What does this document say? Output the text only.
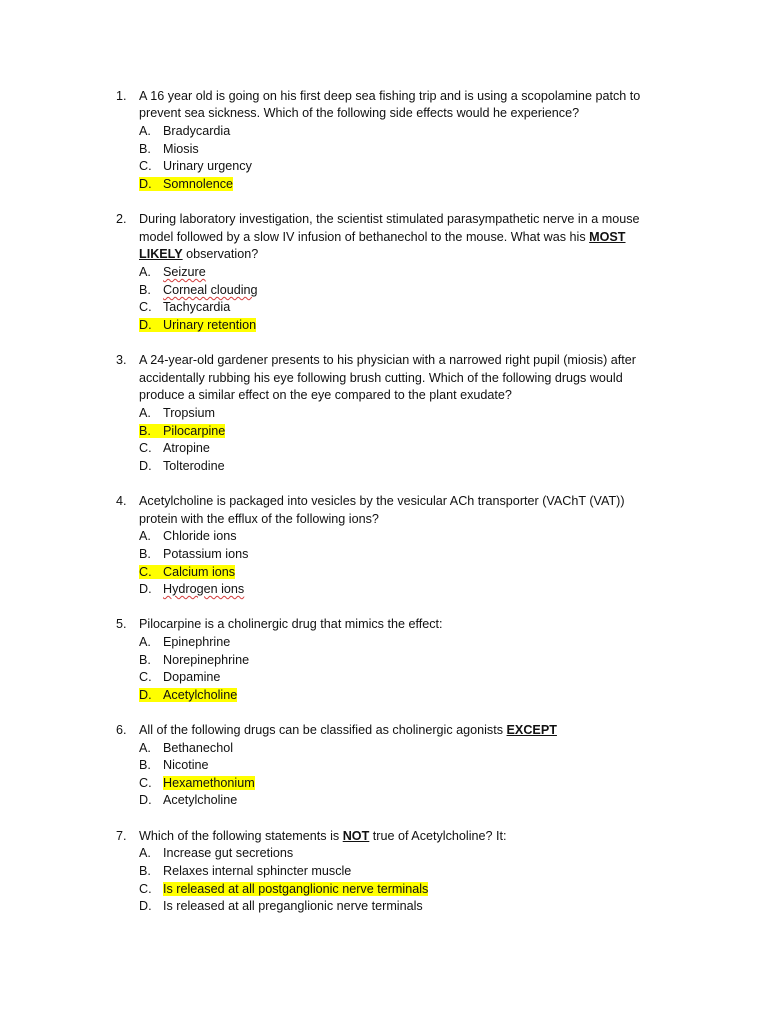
1. A 16 year old is going on his first deep sea fishing trip and is using a scopolamine patch to
prevent sea sickness. Which of the following side effects would he experience?
A. Bradycardia
B. Miosis
C. Urinary urgency
D. Somnolence
2. During laboratory investigation, the scientist stimulated parasympathetic nerve in a mouse
model followed by a slow IV infusion of bethanechol to the mouse. What was his MOST
LIKELY observation?
A. Seizure
B. Corneal clouding
C. Tachycardia
D. Urinary retention
3. A 24-year-old gardener presents to his physician with a narrowed right pupil (miosis) after
accidentally rubbing his eye following brush cutting. Which of the following drugs would
produce a similar effect on the eye compared to the plant exudate?
A. Tropsium
B. Pilocarpine
C. Atropine
D. Tolterodine
4. Acetylcholine is packaged into vesicles by the vesicular ACh transporter (VAChT (VAT))
protein with the efflux of the following ions?
A. Chloride ions
B. Potassium ions
C. Calcium ions
D. Hydrogen ions
5. Pilocarpine is a cholinergic drug that mimics the effect:
A. Epinephrine
B. Norepinephrine
C. Dopamine
D. Acetylcholine
6. All of the following drugs can be classified as cholinergic agonists EXCEPT
A. Bethanechol
B. Nicotine
C. Hexamethonium
D. Acetylcholine
7. Which of the following statements is NOT true of Acetylcholine? It:
A. Increase gut secretions
B. Relaxes internal sphincter muscle
C. Is released at all postganglionic nerve terminals
D. Is released at all preganglionic nerve terminals
